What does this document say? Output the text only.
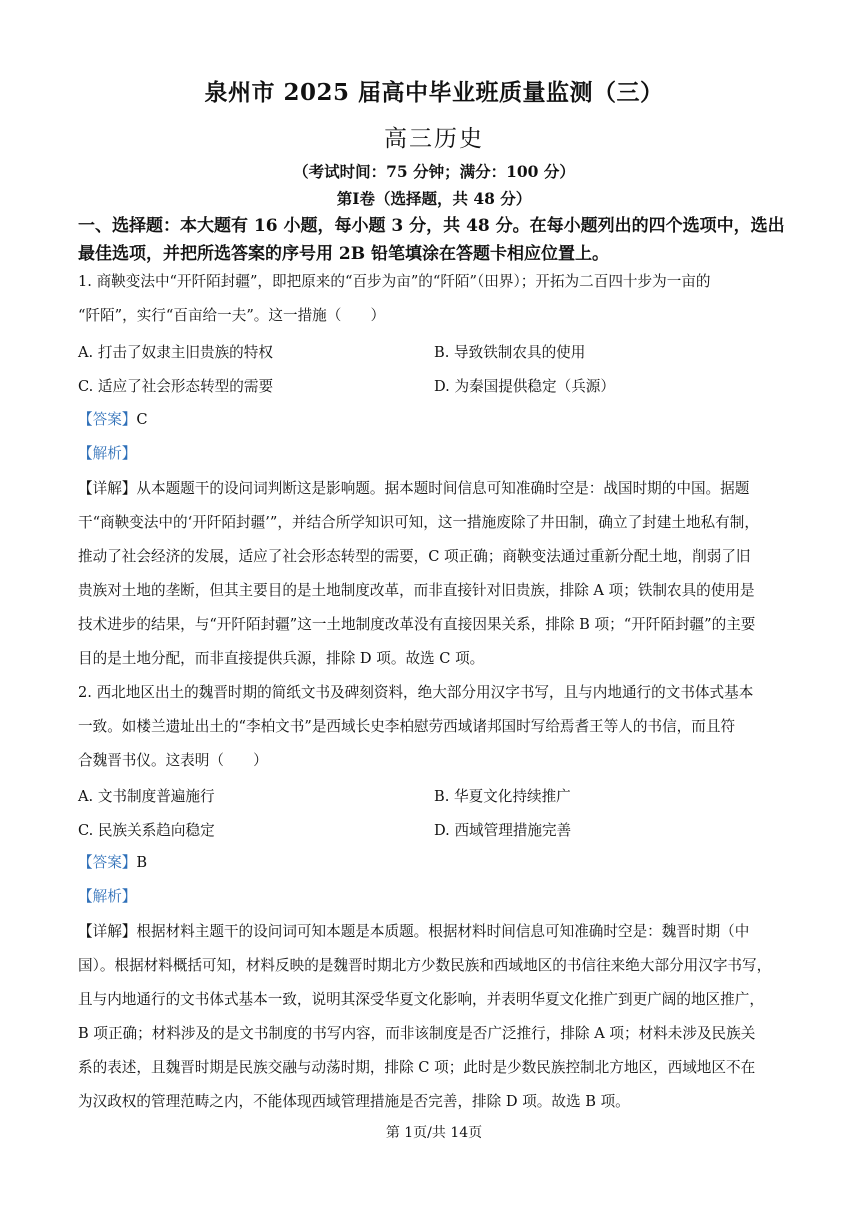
泉州市 2025 届高中毕业班质量监测（三）
高三历史
（考试时间：75 分钟；满分：100 分）
第Ⅰ卷（选择题，共 48 分）
一、选择题：本大题有 16 小题，每小题 3 分，共 48 分。在每小题列出的四个选项中，选出最佳选项，并把所选答案的序号用 2B 铅笔填涂在答题卡相应位置上。
1. 商鞅变法中“开阡陌封疆”，即把原来的“百步为亩”的“阡陌”（田界）；开拓为二百四十步为一亩的
“阡陌”，实行“百亩给一夫”。这一措施（　　）
A. 打击了奴隶主旧贵族的特权	B. 导致铁制农具的使用
C. 适应了社会形态转型的需要	D. 为秦国提供稳定（兵源）
【答案】C
【解析】
【详解】从本题题干的设问词判断这是影响题。据本题时间信息可知准确时空是：战国时期的中国。据题
干“商鞅变法中的‘开阡陌封疆’”，并结合所学知识可知，这一措施废除了井田制，确立了封建土地私有制，
推动了社会经济的发展，适应了社会形态转型的需要，C 项正确；商鞅变法通过重新分配土地，削弱了旧
贵族对土地的垄断，但其主要目的是土地制度改革，而非直接针对旧贵族，排除 A 项；铁制农具的使用是
技术进步的结果，与“开阡陌封疆”这一土地制度改革没有直接因果关系，排除 B 项；“开阡陌封疆”的主要
目的是土地分配，而非直接提供兵源，排除 D 项。故选 C 项。
2. 西北地区出土的魏晋时期的简纸文书及碑刻资料，绝大部分用汉字书写，且与内地通行的文书体式基本
一致。如楼兰遗址出土的“李柏文书”是西域长史李柏慰劳西域诸邦国时写给焉耆王等人的书信，而且符
合魏晋书仪。这表明（　　）
A. 文书制度普遍施行	B. 华夏文化持续推广
C. 民族关系趋向稳定	D. 西域管理措施完善
【答案】B
【解析】
【详解】根据材料主题干的设问词可知本题是本质题。根据材料时间信息可知准确时空是：魏晋时期（中
国）。根据材料概括可知，材料反映的是魏晋时期北方少数民族和西域地区的书信往来绝大部分用汉字书写，
且与内地通行的文书体式基本一致，说明其深受华夏文化影响，并表明华夏文化推广到更广阔的地区推广，
B 项正确；材料涉及的是文书制度的书写内容，而非该制度是否广泛推行，排除 A 项；材料未涉及民族关
系的表述，且魏晋时期是民族交融与动荡时期，排除 C 项；此时是少数民族控制北方地区，西域地区不在
为汉政权的管理范畴之内，不能体现西域管理措施是否完善，排除 D 项。故选 B 项。
第 1页/共 14页
